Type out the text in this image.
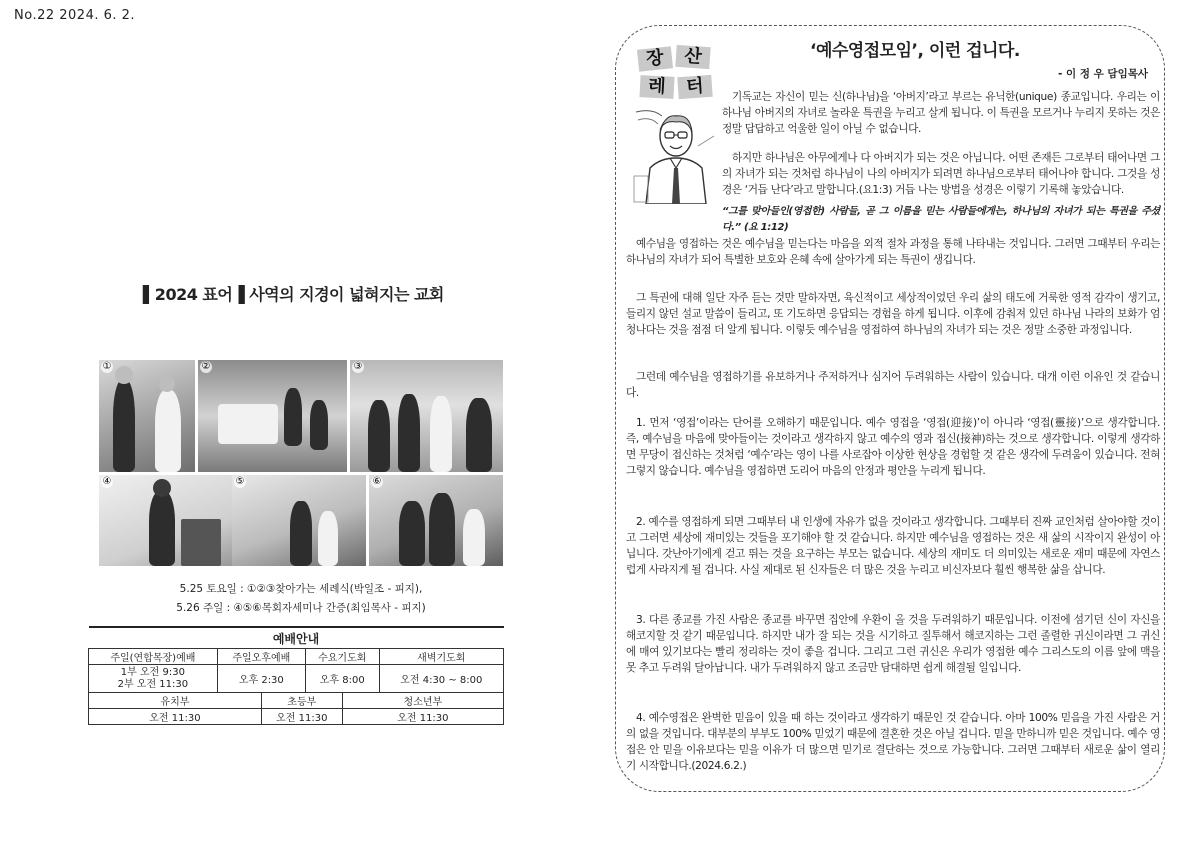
No.22 2024. 6. 2.
▌2024 표어▐ 사역의 지경이 넓혀지는 교회
①	②	③
④	⑤	⑥
5.25 토요일 : ①②③찾아가는 세례식(박일조 - 피지),
5.26 주일 : ④⑤⑥목회자세미나 간증(최임목사 - 피지)
예배안내					
주일(연합목장)예배	주일오후예배		수요기도회		새벽기도회
1부 오전 9:30
2부 오전 11:30	오후 2:30		오후 8:00		오전 4:30 ~ 8:00
유치부		초등부		청소년부	
오전 11:30		오전 11:30		오전 11:30	
장	산
레	터
‘예수영접모임’, 이런 겁니다.
- 이 정 우 담임목사

기독교는 자신이 믿는 신(하나님)을 ‘아버지’라고 부르는 유닉한(unique) 종교입니다. 우리는 이 하나님 아버지의 자녀로 놀라운 특권을 누리고 살게 됩니다. 이 특권을 모르거나 누리지 못하는 것은 정말 답답하고 억울한 일이 아닐 수 없습니다.

하지만 하나님은 아무에게나 다 아버지가 되는 것은 아닙니다. 어떤 존재든 그로부터 태어나면 그의 자녀가 되는 것처럼 하나님이 나의 아버지가 되려면 하나님으로부터 태어나야 합니다. 그것을 성경은 ‘거듭 난다’라고 말합니다.(요1:3) 거듭 나는 방법을 성경은 이렇기 기록해 놓았습니다.

“그를 맞아들인(영접한) 사람들, 곧 그 이름을 믿는 사람들에게는, 하나님의 자녀가 되는 특권을 주셨다.” (요 1:12)

예수님을 영접하는 것은 예수님을 믿는다는 마음을 외적 절차 과정을 통해 나타내는 것입니다. 그러면 그때부터 우리는 하나님의 자녀가 되어 특별한 보호와 은혜 속에 살아가게 되는 특권이 생깁니다.

그 특권에 대해 일단 자주 듣는 것만 말하자면, 육신적이고 세상적이었던 우리 삶의 태도에 거룩한 영적 감각이 생기고, 들리지 않던 설교 말씀이 들리고, 또 기도하면 응답되는 경험을 하게 됩니다. 이후에 감춰져 있던 하나님 나라의 보화가 엄청나다는 것을 점점 더 알게 됩니다. 이렇듯 예수님을 영접하여 하나님의 자녀가 되는 것은 정말 소중한 과정입니다.

그런데 예수님을 영접하기를 유보하거나 주저하거나 심지어 두려워하는 사람이 있습니다. 대개 이런 이유인 것 같습니다.

1. 먼저 ‘영접’이라는 단어를 오해하기 때문입니다. 예수 영접을 ‘영접(迎接)’이 아니라 ‘영접(靈接)’으로 생각합니다. 즉, 예수님을 마음에 맞아들이는 것이라고 생각하지 않고 예수의 영과 접신(接神)하는 것으로 생각합니다. 이렇게 생각하면 무당이 접신하는 것처럼 ‘예수’라는 영이 나를 사로잡아 이상한 현상을 경험할 것 같은 생각에 두려움이 있습니다. 전혀 그렇지 않습니다. 예수님을 영접하면 도리어 마음의 안정과 평안을 누리게 됩니다.

2. 예수를 영접하게 되면 그때부터 내 인생에 자유가 없을 것이라고 생각합니다. 그때부터 진짜 교인처럼 살아야할 것이고 그러면 세상에 재미있는 것들을 포기해야 할 것 같습니다. 하지만 예수님을 영접하는 것은 새 삶의 시작이지 완성이 아닙니다. 갓난아기에게 걷고 뛰는 것을 요구하는 부모는 없습니다. 세상의 재미도 더 의미있는 새로운 재미 때문에 자연스럽게 사라지게 될 겁니다. 사실 제대로 된 신자들은 더 많은 것을 누리고 비신자보다 훨씬 행복한 삶을 삽니다.

3. 다른 종교를 가진 사람은 종교를 바꾸면 집안에 우환이 올 것을 두려워하기 때문입니다. 이전에 섬기던 신이 자신을 해코지할 것 같기 때문입니다. 하지만 내가 잘 되는 것을 시기하고 질투해서 해코지하는 그런 졸렬한 귀신이라면 그 귀신에 매여 있기보다는 빨리 정리하는 것이 좋을 겁니다. 그리고 그런 귀신은 우리가 영접한 예수 그리스도의 이름 앞에 맥을 못 추고 두려워 달아납니다. 내가 두려워하지 않고 조금만 담대하면 쉽게 해결될 일입니다.

4. 예수영접은 완벽한 믿음이 있을 때 하는 것이라고 생각하기 때문인 것 같습니다. 아마 100% 믿음을 가진 사람은 거의 없을 것입니다. 대부분의 부부도 100% 믿었기 때문에 결혼한 것은 아닐 겁니다. 믿을 만하니까 믿은 것입니다. 예수 영접은 안 믿을 이유보다는 믿을 이유가 더 많으면 믿기로 결단하는 것으로 가능합니다. 그러면 그때부터 새로운 삶이 열리기 시작합니다.(2024.6.2.)
